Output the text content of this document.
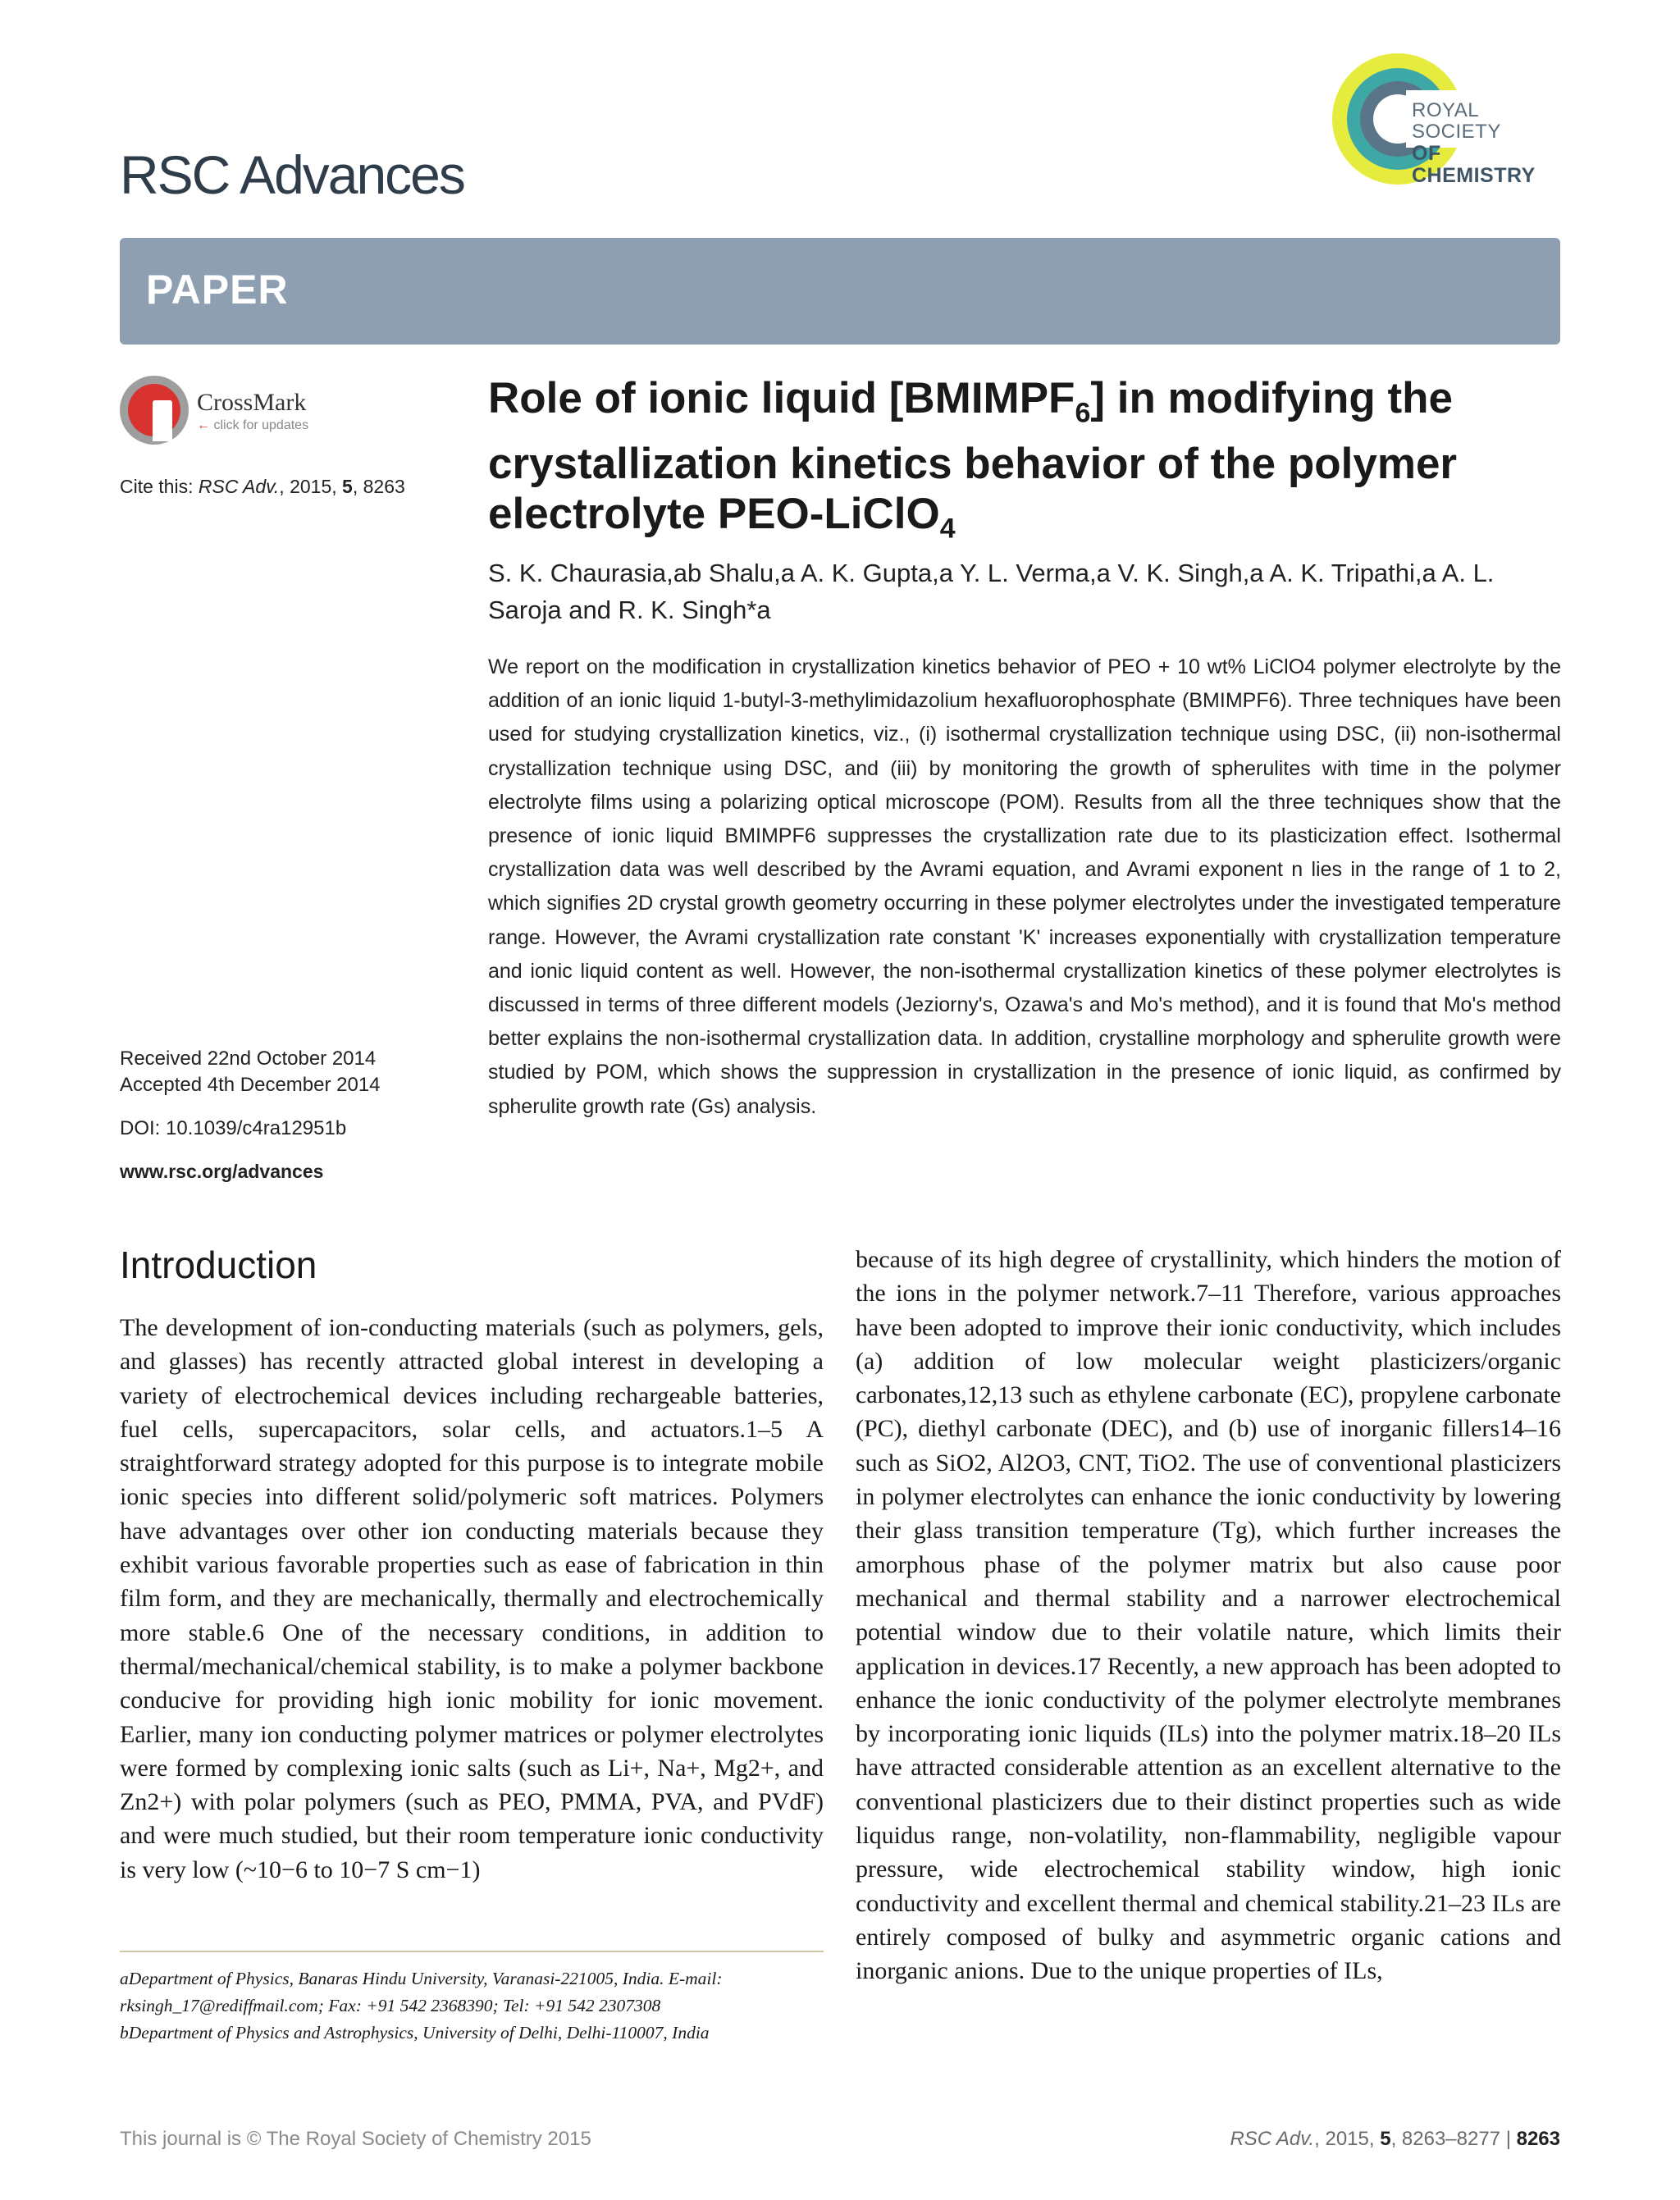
RSC Advances
ROYAL SOCIETY
OF CHEMISTRY
PAPER
CrossMark
← click for updates
Cite this: RSC Adv., 2015, 5, 8263
Role of ionic liquid $[BMIMPF_6]$ in modifying the crystallization kinetics behavior of the polymer electrolyte PEO-LiClO$_4$
S. K. Chaurasia,ab Shalu,a A. K. Gupta,a Y. L. Verma,a V. K. Singh,a A. K. Tripathi,a A. L. Saroja and R. K. Singh*a
We report on the modification in crystallization kinetics behavior of PEO + 10 wt% LiClO4 polymer electrolyte by the addition of an ionic liquid 1-butyl-3-methylimidazolium hexafluorophosphate (BMIMPF6). Three techniques have been used for studying crystallization kinetics, viz., (i) isothermal crystallization technique using DSC, (ii) non-isothermal crystallization technique using DSC, and (iii) by monitoring the growth of spherulites with time in the polymer electrolyte films using a polarizing optical microscope (POM). Results from all the three techniques show that the presence of ionic liquid BMIMPF6 suppresses the crystallization rate due to its plasticization effect. Isothermal crystallization data was well described by the Avrami equation, and Avrami exponent n lies in the range of 1 to 2, which signifies 2D crystal growth geometry occurring in these polymer electrolytes under the investigated temperature range. However, the Avrami crystallization rate constant 'K' increases exponentially with crystallization temperature and ionic liquid content as well. However, the non-isothermal crystallization kinetics of these polymer electrolytes is discussed in terms of three different models (Jeziorny's, Ozawa's and Mo's method), and it is found that Mo's method better explains the non-isothermal crystallization data. In addition, crystalline morphology and spherulite growth were studied by POM, which shows the suppression in crystallization in the presence of ionic liquid, as confirmed by spherulite growth rate (Gs) analysis.
Received 22nd October 2014
Accepted 4th December 2014
DOI: 10.1039/c4ra12951b
www.rsc.org/advances
Introduction

The development of ion-conducting materials (such as polymers, gels, and glasses) has recently attracted global interest in developing a variety of electrochemical devices including rechargeable batteries, fuel cells, supercapacitors, solar cells, and actuators.1–5 A straightforward strategy adopted for this purpose is to integrate mobile ionic species into different solid/polymeric soft matrices. Polymers have advantages over other ion conducting materials because they exhibit various favorable properties such as ease of fabrication in thin film form, and they are mechanically, thermally and electrochemically more stable.6 One of the necessary conditions, in addition to thermal/mechanical/chemical stability, is to make a polymer backbone conducive for providing high ionic mobility for ionic movement. Earlier, many ion conducting polymer matrices or polymer electrolytes were formed by complexing ionic salts (such as Li+, Na+, Mg2+, and Zn2+) with polar polymers (such as PEO, PMMA, PVA, and PVdF) and were much studied, but their room temperature ionic conductivity is very low (~10−6 to 10−7 S cm−1)

because of its high degree of crystallinity, which hinders the motion of the ions in the polymer network.7–11 Therefore, various approaches have been adopted to improve their ionic conductivity, which includes (a) addition of low molecular weight plasticizers/organic carbonates,12,13 such as ethylene carbonate (EC), propylene carbonate (PC), diethyl carbonate (DEC), and (b) use of inorganic fillers14–16 such as SiO2, Al2O3, CNT, TiO2. The use of conventional plasticizers in polymer electrolytes can enhance the ionic conductivity by lowering their glass transition temperature (Tg), which further increases the amorphous phase of the polymer matrix but also cause poor mechanical and thermal stability and a narrower electrochemical potential window due to their volatile nature, which limits their application in devices.17 Recently, a new approach has been adopted to enhance the ionic conductivity of the polymer electrolyte membranes by incorporating ionic liquids (ILs) into the polymer matrix.18–20 ILs have attracted considerable attention as an excellent alternative to the conventional plasticizers due to their distinct properties such as wide liquidus range, non-volatility, non-flammability, negligible vapour pressure, wide electrochemical stability window, high ionic conductivity and excellent thermal and chemical stability.21–23 ILs are entirely composed of bulky and asymmetric organic cations and inorganic anions. Due to the unique properties of ILs,

aDepartment of Physics, Banaras Hindu University, Varanasi-221005, India. E-mail: rksingh_17@rediffmail.com; Fax: +91 542 2368390; Tel: +91 542 2307308
bDepartment of Physics and Astrophysics, University of Delhi, Delhi-110007, India
This journal is © The Royal Society of Chemistry 2015	RSC Adv., 2015, 5, 8263–8277 | 8263
